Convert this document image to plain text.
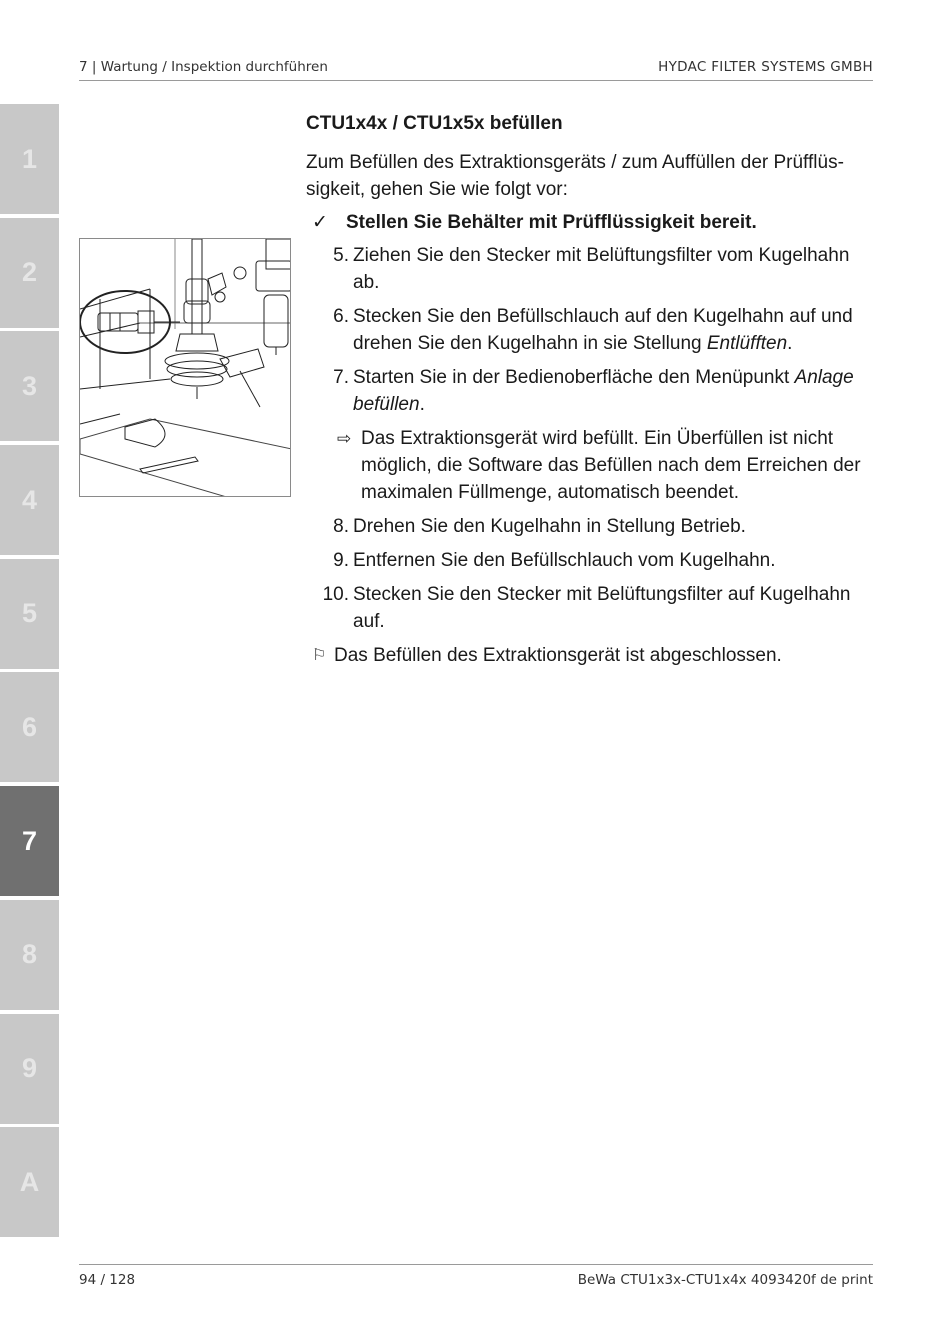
7 | Wartung / Inspektion durchführen	HYDAC FILTER SYSTEMS GMBH
1
2
3
4
5
6
7
8
9
A
CTU1x4x / CTU1x5x befüllen
Zum Befüllen des Extraktionsgeräts / zum Auffüllen der Prüfflüs-sigkeit, gehen Sie wie folgt vor:
✓ Stellen Sie Behälter mit Prüfflüssigkeit bereit.
5. Ziehen Sie den Stecker mit Belüftungsfilter vom Kugelhahn ab.
6. Stecken Sie den Befüllschlauch auf den Kugelhahn auf und drehen Sie den Kugelhahn in sie Stellung Entlüfften.
7. Starten Sie in der Bedienoberfläche den Menüpunkt Anlage befüllen.
⇨ Das Extraktionsgerät wird befüllt. Ein Überfüllen ist nicht möglich, die Software das Befüllen nach dem Erreichen der maximalen Füllmenge, automatisch beendet.
8. Drehen Sie den Kugelhahn in Stellung Betrieb.
9. Entfernen Sie den Befüllschlauch vom Kugelhahn.
10. Stecken Sie den Stecker mit Belüftungsfilter auf Kugelhahn auf.
⚐ Das Befüllen des Extraktionsgerät ist abgeschlossen.
94 / 128	BeWa CTU1x3x-CTU1x4x 4093420f de print
